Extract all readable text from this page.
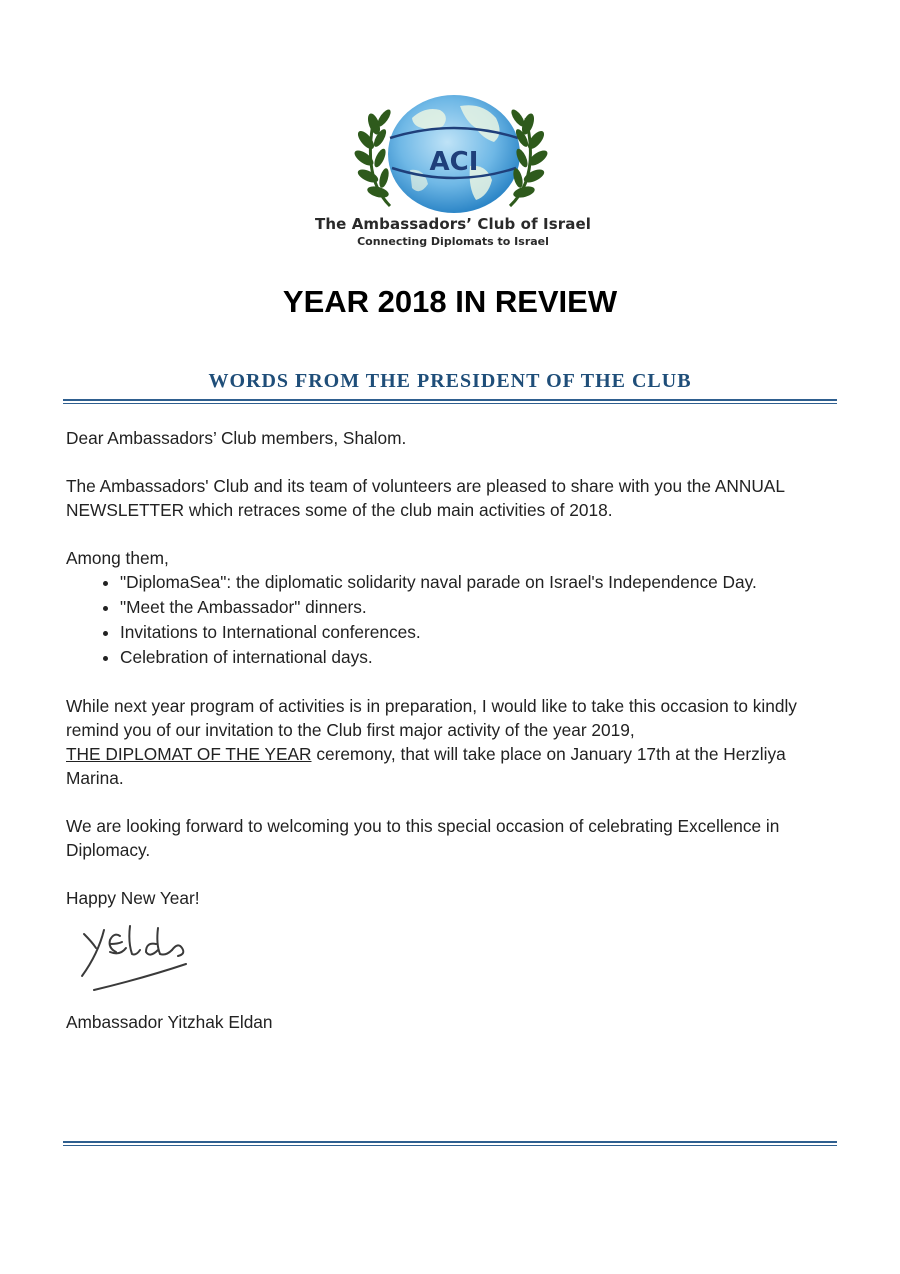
ACI
The Ambassadors’ Club of Israel
Connecting Diplomats to Israel
YEAR 2018 IN REVIEW
WORDS FROM THE PRESIDENT OF THE CLUB

Dear Ambassadors’ Club members, Shalom.

The Ambassadors' Club and its team of volunteers are pleased to share with you the ANNUAL NEWSLETTER which retraces some of the club main activities of 2018.

Among them,

• "DiplomaSea": the diplomatic solidarity naval parade on Israel's Independence Day.
• "Meet the Ambassador" dinners.
• Invitations to International conferences.
• Celebration of international days.

While next year program of activities is in preparation, I would like to take this occasion to kindly remind you of our invitation to the Club first major activity of the year 2019,
THE DIPLOMAT OF THE YEAR ceremony, that will take place on January 17th at the Herzliya Marina.

We are looking forward to welcoming you to this special occasion of celebrating Excellence in Diplomacy.

Happy New Year!

Ambassador Yitzhak Eldan
